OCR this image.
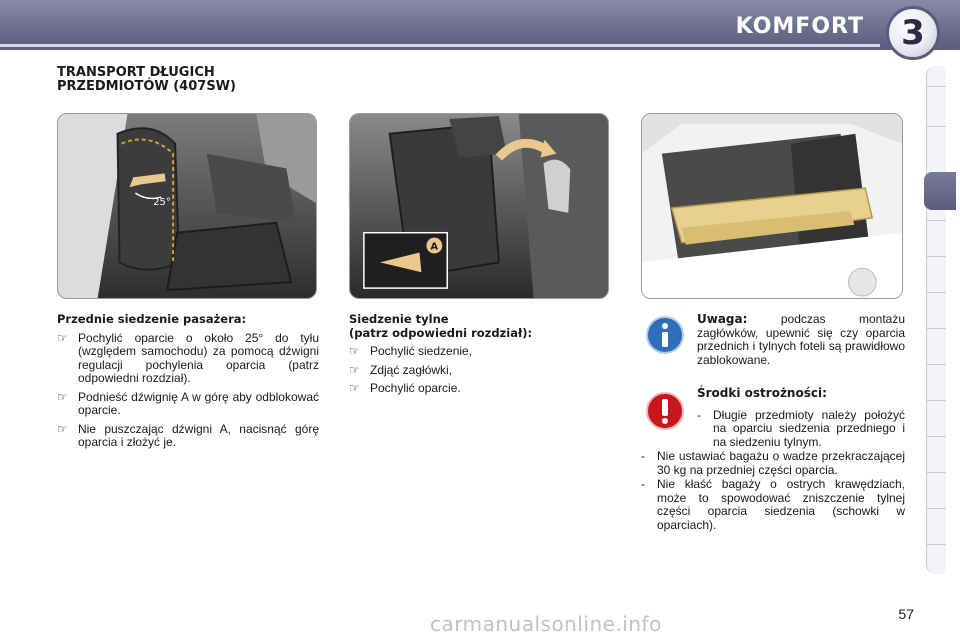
KOMFORT	3
TRANSPORT DŁUGICH
PRZEDMIOTÓW (407SW)
25°
A
Przednie siedzenie pasażera:
☞ Pochylić oparcie o około 25° do tyłu (względem samochodu) za pomocą dźwigni regulacji pochylenia oparcia (patrz odpowiedni rozdział).
☞ Podnieść dźwignię A w górę aby odblokować oparcie.
☞ Nie puszczając dźwigni A, nacisnąć górę oparcia i złożyć je.
Siedzenie tylne
(patrz odpowiedni rozdział):
☞ Pochylić siedzenie,
☞ Zdjąć zagłówki,
☞ Pochylić oparcie.
Uwaga: podczas montażu zagłówków, upewnić się czy oparcia przednich i tylnych foteli są prawidłowo zablokowane.
Środki ostrożności:
-	Długie przedmioty należy położyć na oparciu siedzenia przedniego i na siedzeniu tylnym.
-	Nie ustawiać bagażu o wadze przekraczającej 30 kg na przedniej części oparcia.
-	Nie kłaść bagaży o ostrych krawędziach, może to spowodować zniszczenie tylnej części oparcia siedzenia (schowki w oparciach).
57
carmanualsonline.info
